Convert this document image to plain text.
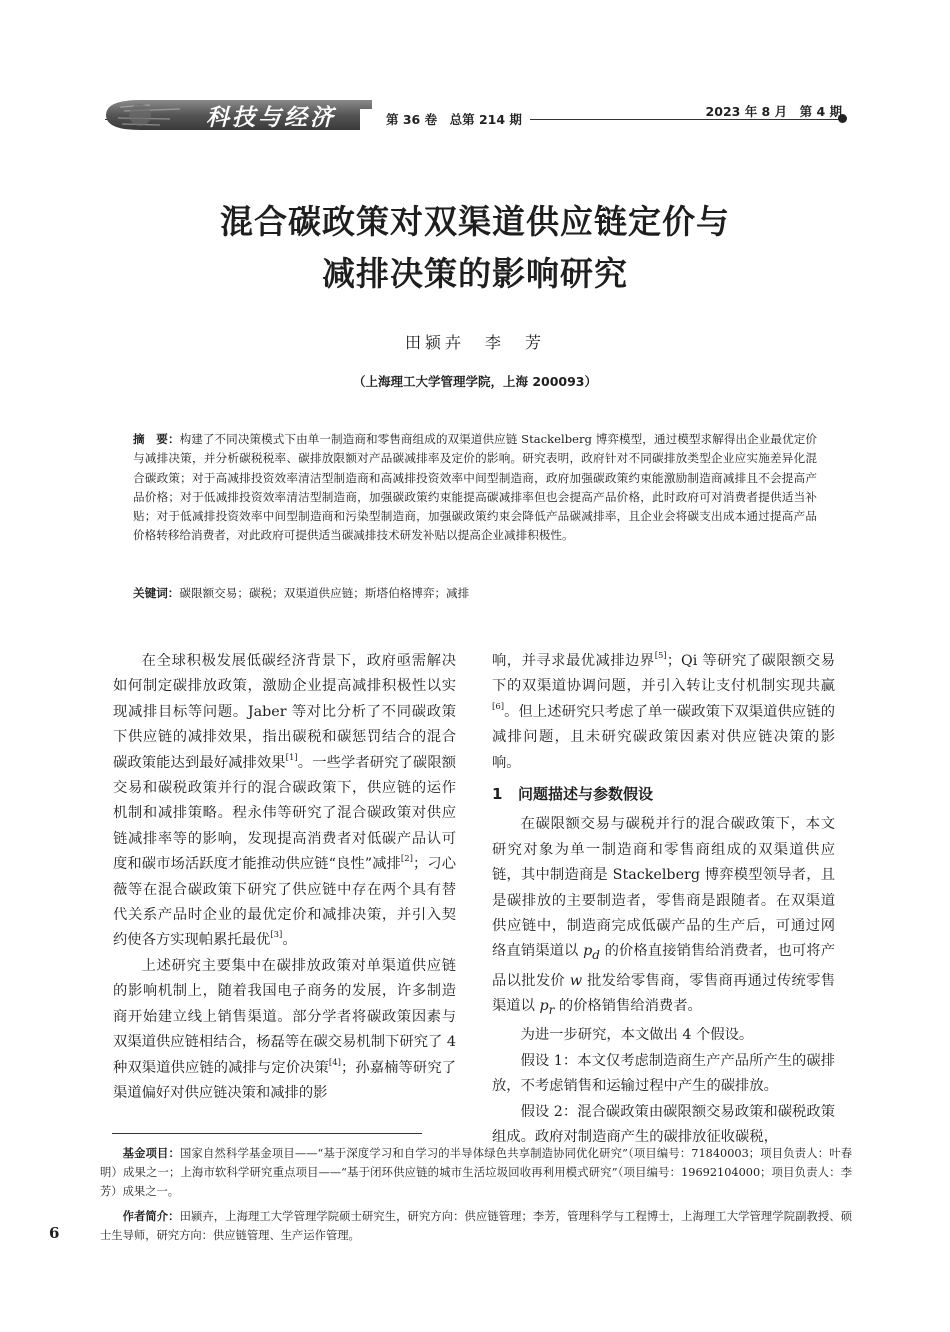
科技与经济	第 36 卷　总第 214 期
2023 年 8 月　第 4 期
混合碳政策对双渠道供应链定价与
减排决策的影响研究
田颍卉　李　芳
（上海理工大学管理学院，上海 200093）
摘　要：构建了不同决策模式下由单一制造商和零售商组成的双渠道供应链 Stackelberg 博弈模型，通过模型求解得出企业最优定价与减排决策，并分析碳税税率、碳排放限额对产品碳减排率及定价的影响。研究表明，政府针对不同碳排放类型企业应实施差异化混合碳政策；对于高减排投资效率清洁型制造商和高减排投资效率中间型制造商，政府加强碳政策约束能激励制造商减排且不会提高产品价格；对于低减排投资效率清洁型制造商，加强碳政策约束能提高碳减排率但也会提高产品价格，此时政府可对消费者提供适当补贴；对于低减排投资效率中间型制造商和污染型制造商，加强碳政策约束会降低产品碳减排率，且企业会将碳支出成本通过提高产品价格转移给消费者，对此政府可提供适当碳减排技术研发补贴以提高企业减排积极性。
关键词：碳限额交易；碳税；双渠道供应链；斯塔伯格博弈；减排

在全球积极发展低碳经济背景下，政府亟需解决如何制定碳排放政策，激励企业提高减排积极性以实现减排目标等问题。Jaber 等对比分析了不同碳政策下供应链的减排效果，指出碳税和碳惩罚结合的混合碳政策能达到最好减排效果[1]。一些学者研究了碳限额交易和碳税政策并行的混合碳政策下，供应链的运作机制和减排策略。程永伟等研究了混合碳政策对供应链减排率等的影响，发现提高消费者对低碳产品认可度和碳市场活跃度才能推动供应链“良性”减排[2]；刁心薇等在混合碳政策下研究了供应链中存在两个具有替代关系产品时企业的最优定价和减排决策，并引入契约使各方实现帕累托最优[3]。

上述研究主要集中在碳排放政策对单渠道供应链的影响机制上，随着我国电子商务的发展，许多制造商开始建立线上销售渠道。部分学者将碳政策因素与双渠道供应链相结合，杨磊等在碳交易机制下研究了 4 种双渠道供应链的减排与定价决策[4]；孙嘉楠等研究了渠道偏好对供应链决策和减排的影

响，并寻求最优减排边界[5]；Qi 等研究了碳限额交易下的双渠道协调问题，并引入转让支付机制实现共赢[6]。但上述研究只考虑了单一碳政策下双渠道供应链的减排问题，且未研究碳政策因素对供应链决策的影响。

1 问题描述与参数假设

在碳限额交易与碳税并行的混合碳政策下，本文研究对象为单一制造商和零售商组成的双渠道供应链，其中制造商是 Stackelberg 博弈模型领导者，且是碳排放的主要制造者，零售商是跟随者。在双渠道供应链中，制造商完成低碳产品的生产后，可通过网络直销渠道以 $p_d$ 的价格直接销售给消费者，也可将产品以批发价 w 批发给零售商，零售商再通过传统零售渠道以 $p_r$ 的价格销售给消费者。

为进一步研究，本文做出 4 个假设。

假设 1：本文仅考虑制造商生产产品所产生的碳排放，不考虑销售和运输过程中产生的碳排放。

假设 2：混合碳政策由碳限额交易政策和碳税政策组成。政府对制造商产生的碳排放征收碳税，

基金项目：国家自然科学基金项目——“基于深度学习和自学习的半导体绿色共享制造协同优化研究”（项目编号：71840003；项目负责人：叶春明）成果之一；上海市软科学研究重点项目——“基于闭环供应链的城市生活垃圾回收再利用模式研究”（项目编号：19692104000；项目负责人：李芳）成果之一。

作者简介：田颍卉，上海理工大学管理学院硕士研究生，研究方向：供应链管理；李芳，管理科学与工程博士，上海理工大学管理学院副教授、硕士生导师，研究方向：供应链管理、生产运作管理。

6
